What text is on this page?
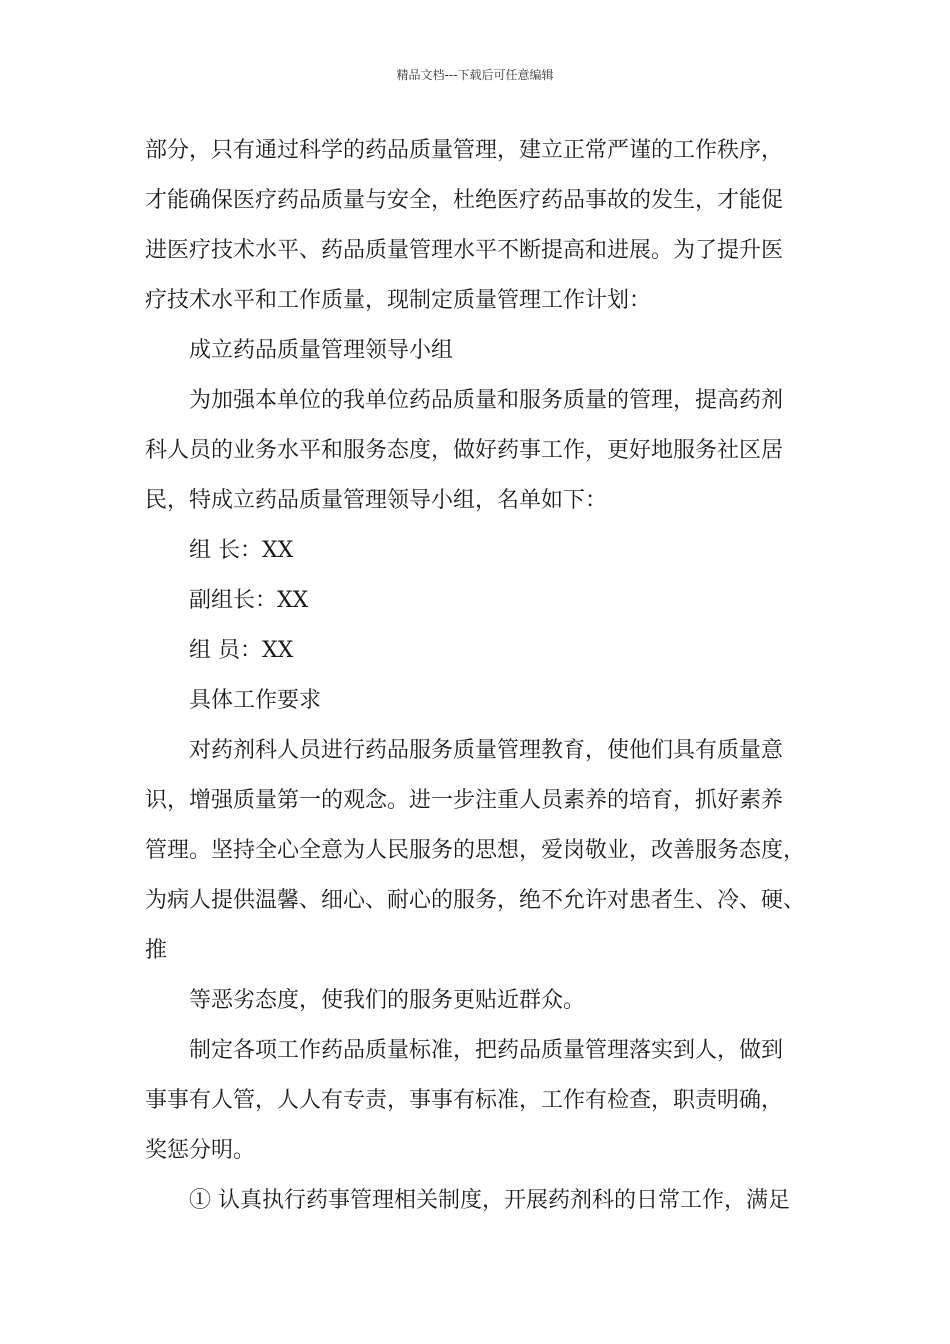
精品文档---下载后可任意编辑

部分，只有通过科学的药品质量管理，建立正常严谨的工作秩序，

才能确保医疗药品质量与安全，杜绝医疗药品事故的发生，才能促

进医疗技术水平、药品质量管理水平不断提高和进展。为了提升医

疗技术水平和工作质量，现制定质量管理工作计划：

成立药品质量管理领导小组

为加强本单位的我单位药品质量和服务质量的管理，提高药剂

科人员的业务水平和服务态度，做好药事工作，更好地服务社区居

民，特成立药品质量管理领导小组，名单如下：

组 长：XX

副组长：XX

组 员：XX

具体工作要求

对药剂科人员进行药品服务质量管理教育，使他们具有质量意

识，增强质量第一的观念。进一步注重人员素养的培育，抓好素养

管理。坚持全心全意为人民服务的思想，爱岗敬业，改善服务态度，

为病人提供温馨、细心、耐心的服务，绝不允许对患者生、冷、硬、

推

等恶劣态度，使我们的服务更贴近群众。

制定各项工作药品质量标准，把药品质量管理落实到人，做到

事事有人管，人人有专责，事事有标准，工作有检查，职责明确，

奖惩分明。

① 认真执行药事管理相关制度，开展药剂科的日常工作，满足
